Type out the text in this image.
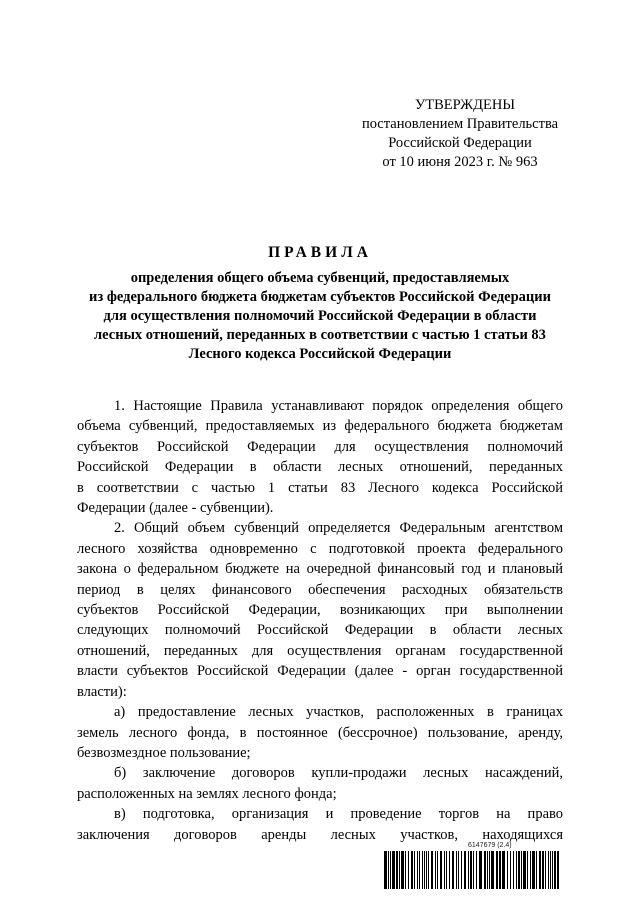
УТВЕРЖДЕНЫ
постановлением Правительства
Российской Федерации
от 10 июня 2023 г. № 963
ПРАВИЛА
определения общего объема субвенций, предоставляемых
из федерального бюджета бюджетам субъектов Российской Федерации
для осуществления полномочий Российской Федерации в области
лесных отношений, переданных в соответствии с частью 1 статьи 83
Лесного кодекса Российской Федерации
1. Настоящие Правила устанавливают порядок определения общего
объема субвенций, предоставляемых из федерального бюджета бюджетам
субъектов Российской Федерации для осуществления полномочий
Российской Федерации в области лесных отношений, переданных
в соответствии с частью 1 статьи 83 Лесного кодекса Российской
Федерации (далее - субвенции).
2. Общий объем субвенций определяется Федеральным агентством
лесного хозяйства одновременно с подготовкой проекта федерального
закона о федеральном бюджете на очередной финансовый год и плановый
период в целях финансового обеспечения расходных обязательств
субъектов Российской Федерации, возникающих при выполнении
следующих полномочий Российской Федерации в области лесных
отношений, переданных для осуществления органам государственной
власти субъектов Российской Федерации (далее - орган государственной
власти):
а) предоставление лесных участков, расположенных в границах
земель лесного фонда, в постоянное (бессрочное) пользование, аренду,
безвозмездное пользование;
б) заключение договоров купли-продажи лесных насаждений,
расположенных на землях лесного фонда;
в) подготовка, организация и проведение торгов на право
заключения договоров аренды лесных участков, находящихся
6147679 (2.4)
